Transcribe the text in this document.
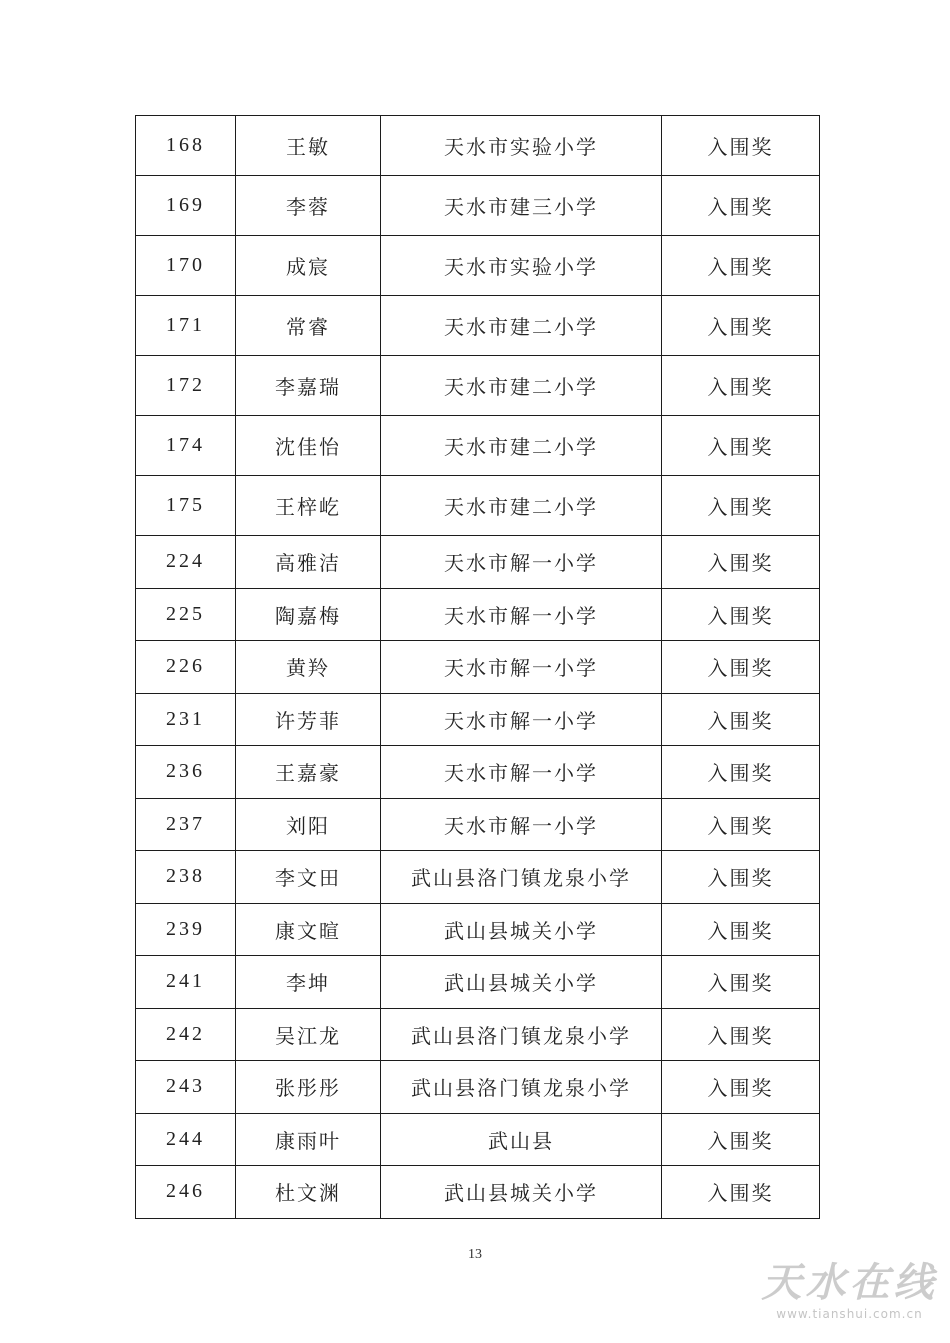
168	王敏	天水市实验小学	入围奖
169	李蓉	天水市建三小学	入围奖
170	成宸	天水市实验小学	入围奖
171	常睿	天水市建二小学	入围奖
172	李嘉瑞	天水市建二小学	入围奖
174	沈佳怡	天水市建二小学	入围奖
175	王梓屹	天水市建二小学	入围奖
224	高雅洁	天水市解一小学	入围奖
225	陶嘉梅	天水市解一小学	入围奖
226	黄羚	天水市解一小学	入围奖
231	许芳菲	天水市解一小学	入围奖
236	王嘉豪	天水市解一小学	入围奖
237	刘阳	天水市解一小学	入围奖
238	李文田	武山县洛门镇龙泉小学	入围奖
239	康文暄	武山县城关小学	入围奖
241	李坤	武山县城关小学	入围奖
242	吴江龙	武山县洛门镇龙泉小学	入围奖
243	张彤彤	武山县洛门镇龙泉小学	入围奖
244	康雨叶	武山县	入围奖
246	杜文渊	武山县城关小学	入围奖
13
天水在线
www.tianshui.com.cn
